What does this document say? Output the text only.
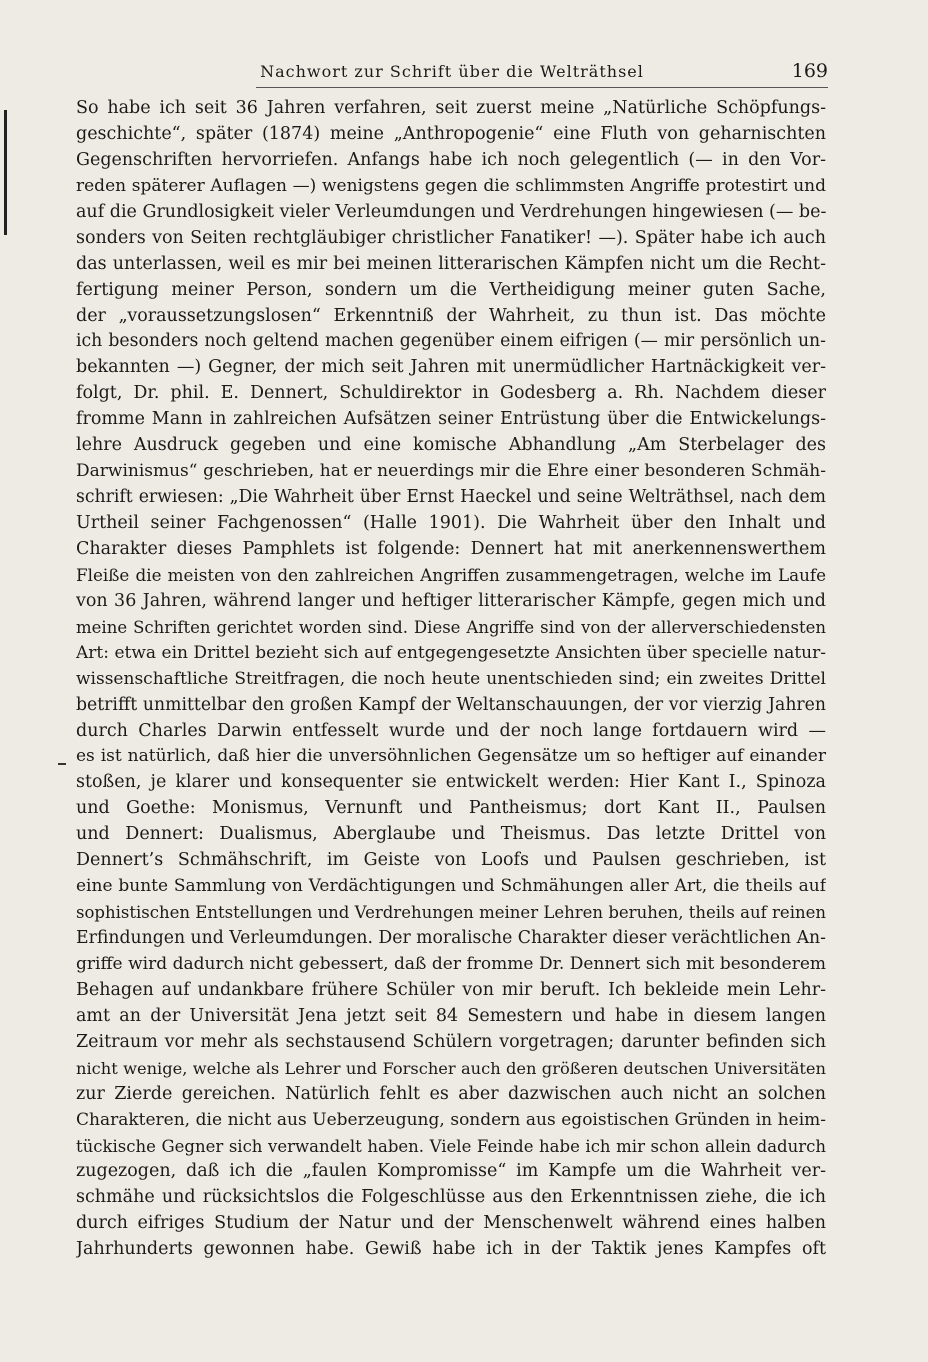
Nachwort zur Schrift über die Welträthsel	169
So habe ich seit 36 Jahren verfahren, seit zuerst meine „Natürliche Schöpfungs-
geschichte“, später (1874) meine „Anthropogenie“ eine Fluth von geharnischten
Gegenschriften hervorriefen. Anfangs habe ich noch gelegentlich (— in den Vor-
reden späterer Auflagen —) wenigstens gegen die schlimmsten Angriffe protestirt und
auf die Grundlosigkeit vieler Verleumdungen und Verdrehungen hingewiesen (— be-
sonders von Seiten rechtgläubiger christlicher Fanatiker! —). Später habe ich auch
das unterlassen, weil es mir bei meinen litterarischen Kämpfen nicht um die Recht-
fertigung meiner Person, sondern um die Vertheidigung meiner guten Sache,
der „voraussetzungslosen“ Erkenntniß der Wahrheit, zu thun ist. Das möchte
ich besonders noch geltend machen gegenüber einem eifrigen (— mir persönlich un-
bekannten —) Gegner, der mich seit Jahren mit unermüdlicher Hartnäckigkeit ver-
folgt, Dr. phil. E. Dennert, Schuldirektor in Godesberg a. Rh. Nachdem dieser
fromme Mann in zahlreichen Aufsätzen seiner Entrüstung über die Entwickelungs-
lehre Ausdruck gegeben und eine komische Abhandlung „Am Sterbelager des
Darwinismus“ geschrieben, hat er neuerdings mir die Ehre einer besonderen Schmäh-
schrift erwiesen: „Die Wahrheit über Ernst Haeckel und seine Welträthsel, nach dem
Urtheil seiner Fachgenossen“ (Halle 1901). Die Wahrheit über den Inhalt und
Charakter dieses Pamphlets ist folgende: Dennert hat mit anerkennenswerthem
Fleiße die meisten von den zahlreichen Angriffen zusammengetragen, welche im Laufe
von 36 Jahren, während langer und heftiger litterarischer Kämpfe, gegen mich und
meine Schriften gerichtet worden sind. Diese Angriffe sind von der allerverschiedensten
Art: etwa ein Drittel bezieht sich auf entgegengesetzte Ansichten über specielle natur-
wissenschaftliche Streitfragen, die noch heute unentschieden sind; ein zweites Drittel
betrifft unmittelbar den großen Kampf der Weltanschauungen, der vor vierzig Jahren
durch Charles Darwin entfesselt wurde und der noch lange fortdauern wird —
es ist natürlich, daß hier die unversöhnlichen Gegensätze um so heftiger auf einander
stoßen, je klarer und konsequenter sie entwickelt werden: Hier Kant I., Spinoza
und Goethe: Monismus, Vernunft und Pantheismus; dort Kant II., Paulsen
und Dennert: Dualismus, Aberglaube und Theismus. Das letzte Drittel von
Dennert’s Schmähschrift, im Geiste von Loofs und Paulsen geschrieben, ist
eine bunte Sammlung von Verdächtigungen und Schmähungen aller Art, die theils auf
sophistischen Entstellungen und Verdrehungen meiner Lehren beruhen, theils auf reinen
Erfindungen und Verleumdungen. Der moralische Charakter dieser verächtlichen An-
griffe wird dadurch nicht gebessert, daß der fromme Dr. Dennert sich mit besonderem
Behagen auf undankbare frühere Schüler von mir beruft. Ich bekleide mein Lehr-
amt an der Universität Jena jetzt seit 84 Semestern und habe in diesem langen
Zeitraum vor mehr als sechstausend Schülern vorgetragen; darunter befinden sich
nicht wenige, welche als Lehrer und Forscher auch den größeren deutschen Universitäten
zur Zierde gereichen. Natürlich fehlt es aber dazwischen auch nicht an solchen
Charakteren, die nicht aus Ueberzeugung, sondern aus egoistischen Gründen in heim-
tückische Gegner sich verwandelt haben. Viele Feinde habe ich mir schon allein dadurch
zugezogen, daß ich die „faulen Kompromisse“ im Kampfe um die Wahrheit ver-
schmähe und rücksichtslos die Folgeschlüsse aus den Erkenntnissen ziehe, die ich
durch eifriges Studium der Natur und der Menschenwelt während eines halben
Jahrhunderts gewonnen habe. Gewiß habe ich in der Taktik jenes Kampfes oft
